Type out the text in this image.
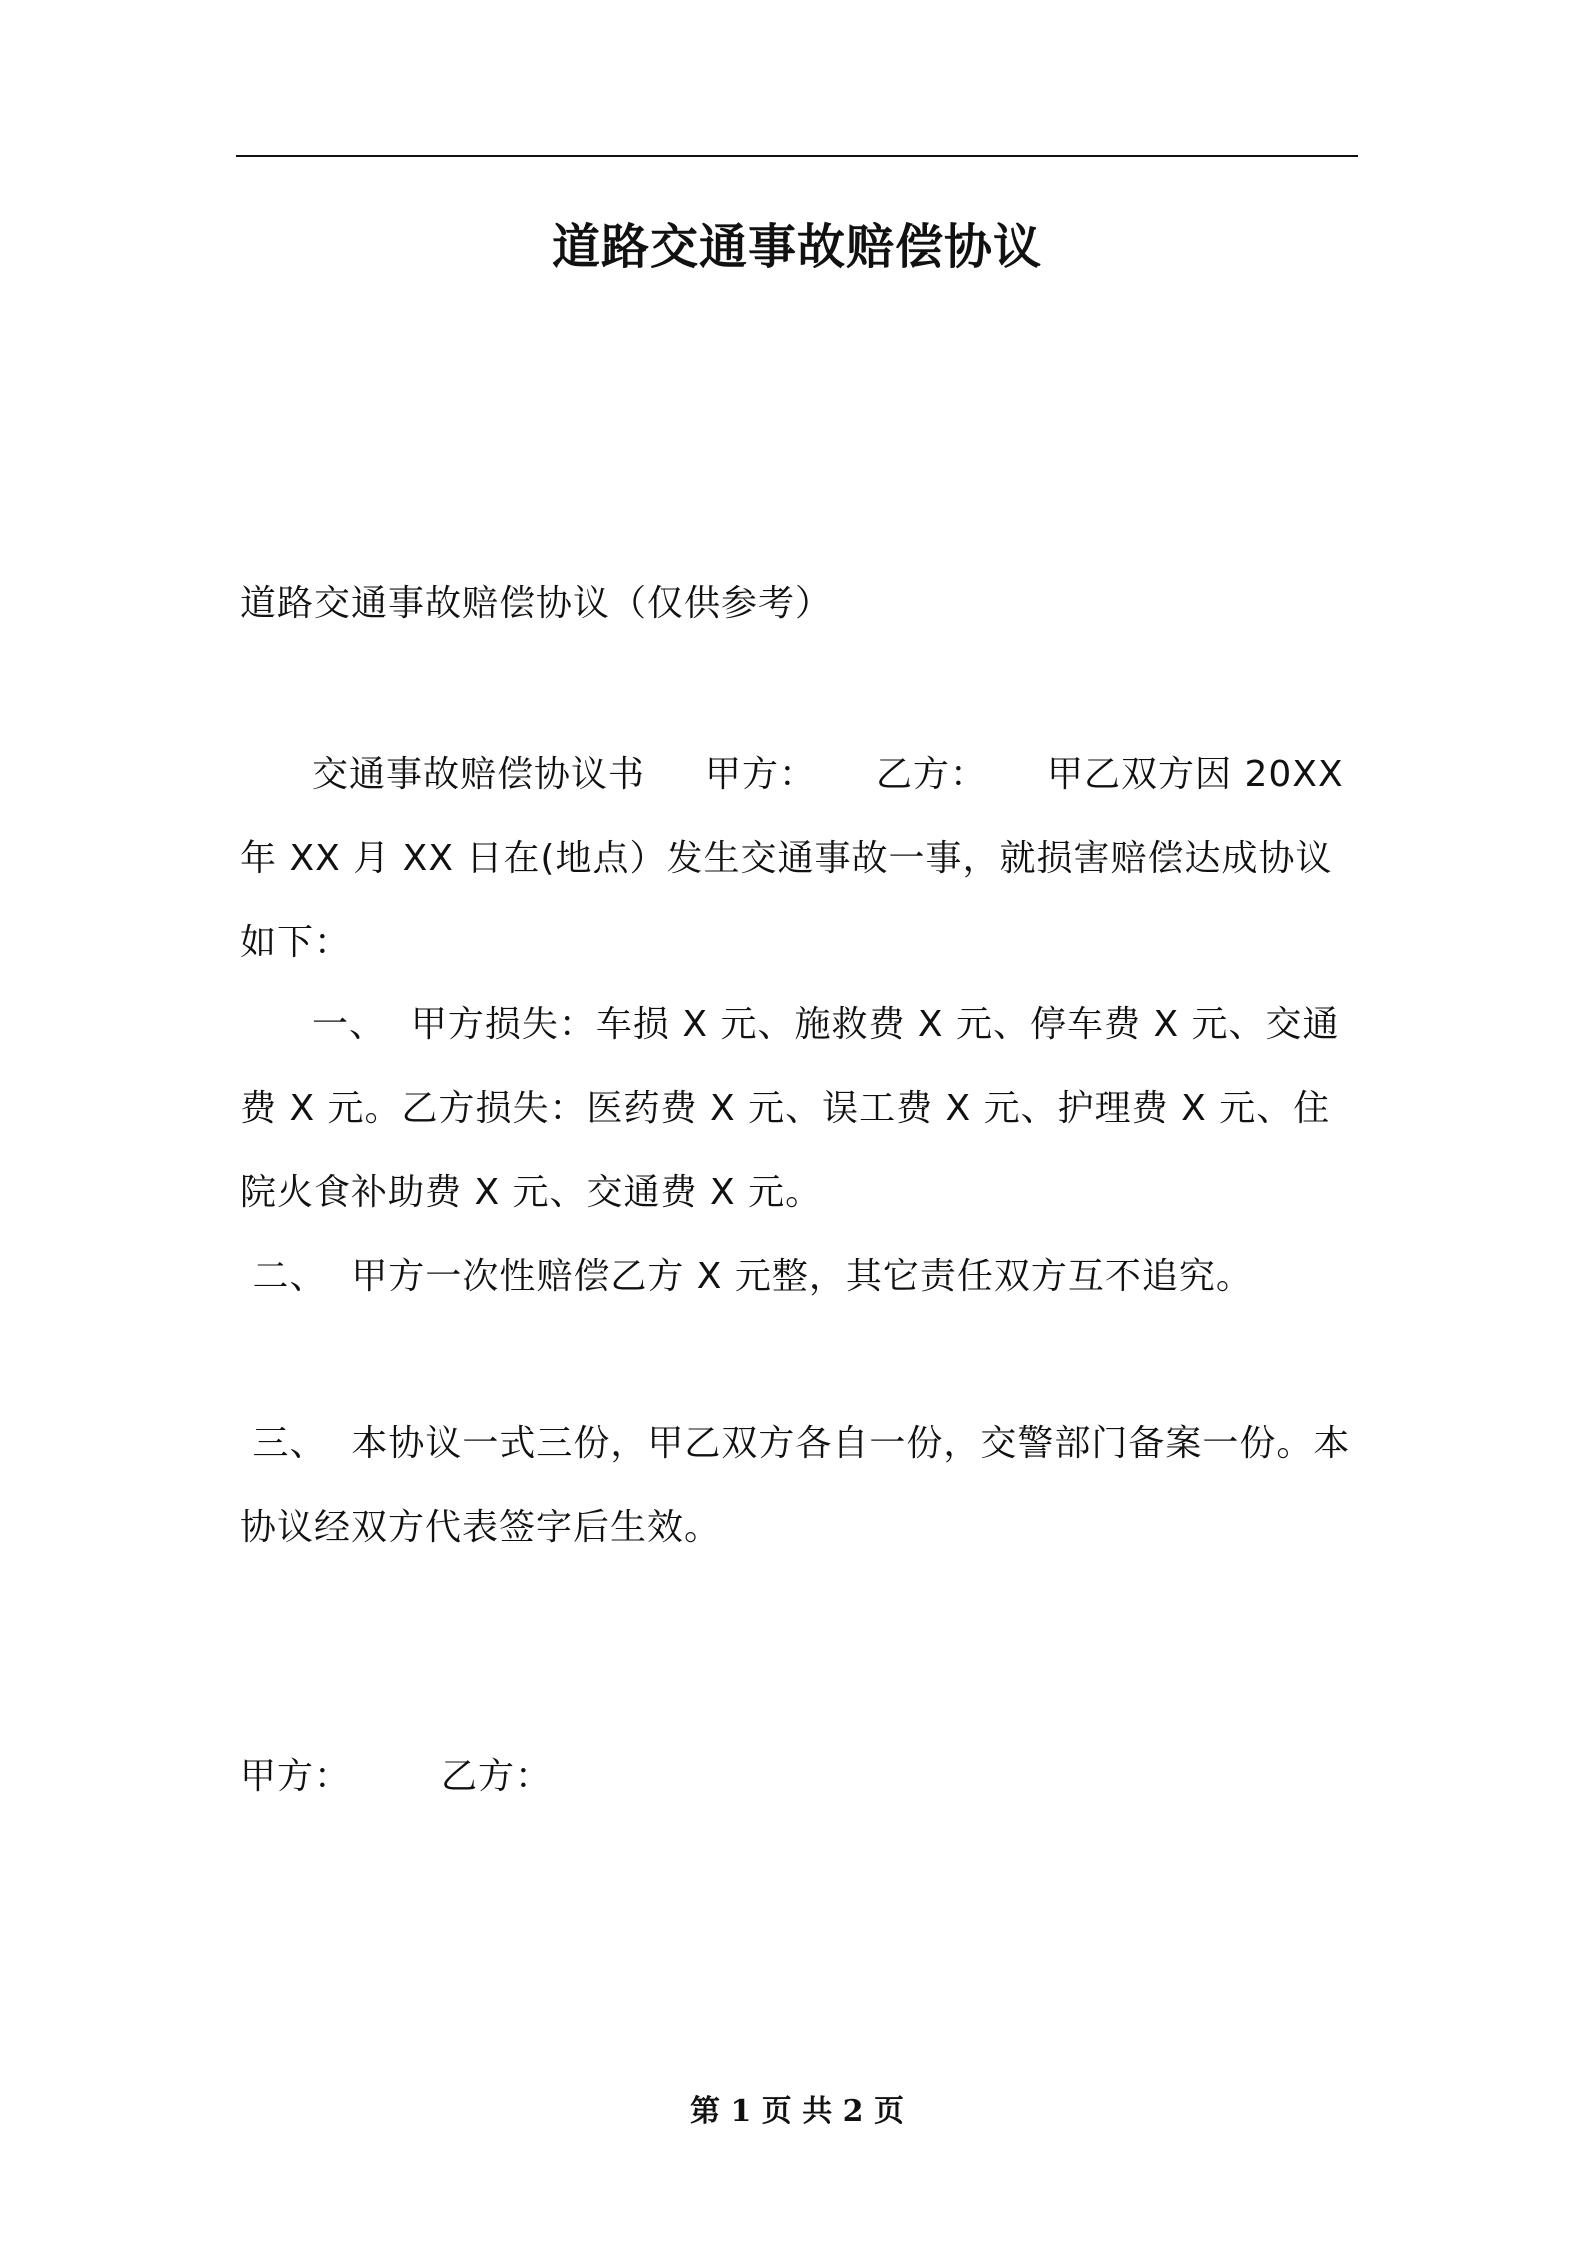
道路交通事故赔偿协议

道路交通事故赔偿协议（仅供参考）

交通事故赔偿协议书 甲方： 乙方： 甲乙双方因 20XX 年 XX 月 XX 日在(地点）发生交通事故一事，就损害赔偿达成协议如下：

一、 甲方损失：车损 X 元、施救费 X 元、停车费 X 元、交通费 X 元。乙方损失：医药费 X 元、误工费 X 元、护理费 X 元、住院火食补助费 X 元、交通费 X 元。

二、 甲方一次性赔偿乙方 X 元整，其它责任双方互不追究。

三、 本协议一式三份，甲乙双方各自一份，交警部门备案一份。本协议经双方代表签字后生效。

甲方：	乙方：

第 1 页 共 2 页
